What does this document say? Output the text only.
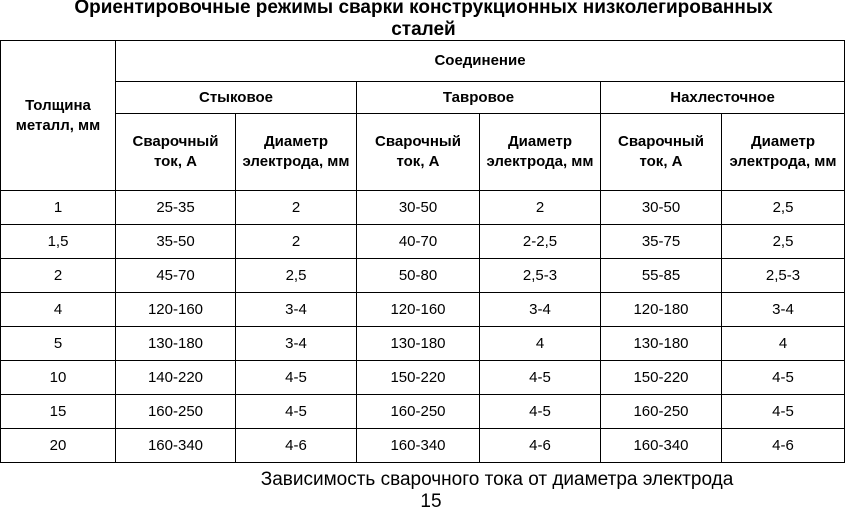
Ориентировочные режимы сварки конструкционных низколегированных
сталей
Толщина металл, мм	Соединение					
	Стыковое		Тавровое		Нахлесточное	
	Сварочный ток, А	Диаметр электрода, мм	Сварочный ток, А	Диаметр электрода, мм	Сварочный ток, А	Диаметр электрода, мм
1	25-35	2	30-50	2	30-50	2,5
1,5	35-50	2	40-70	2-2,5	35-75	2,5
2	45-70	2,5	50-80	2,5-3	55-85	2,5-3
4	120-160	3-4	120-160	3-4	120-180	3-4
5	130-180	3-4	130-180	4	130-180	4
10	140-220	4-5	150-220	4-5	150-220	4-5
15	160-250	4-5	160-250	4-5	160-250	4-5
20	160-340	4-6	160-340	4-6	160-340	4-6

Зависимость сварочного тока от диаметра электрода

15
